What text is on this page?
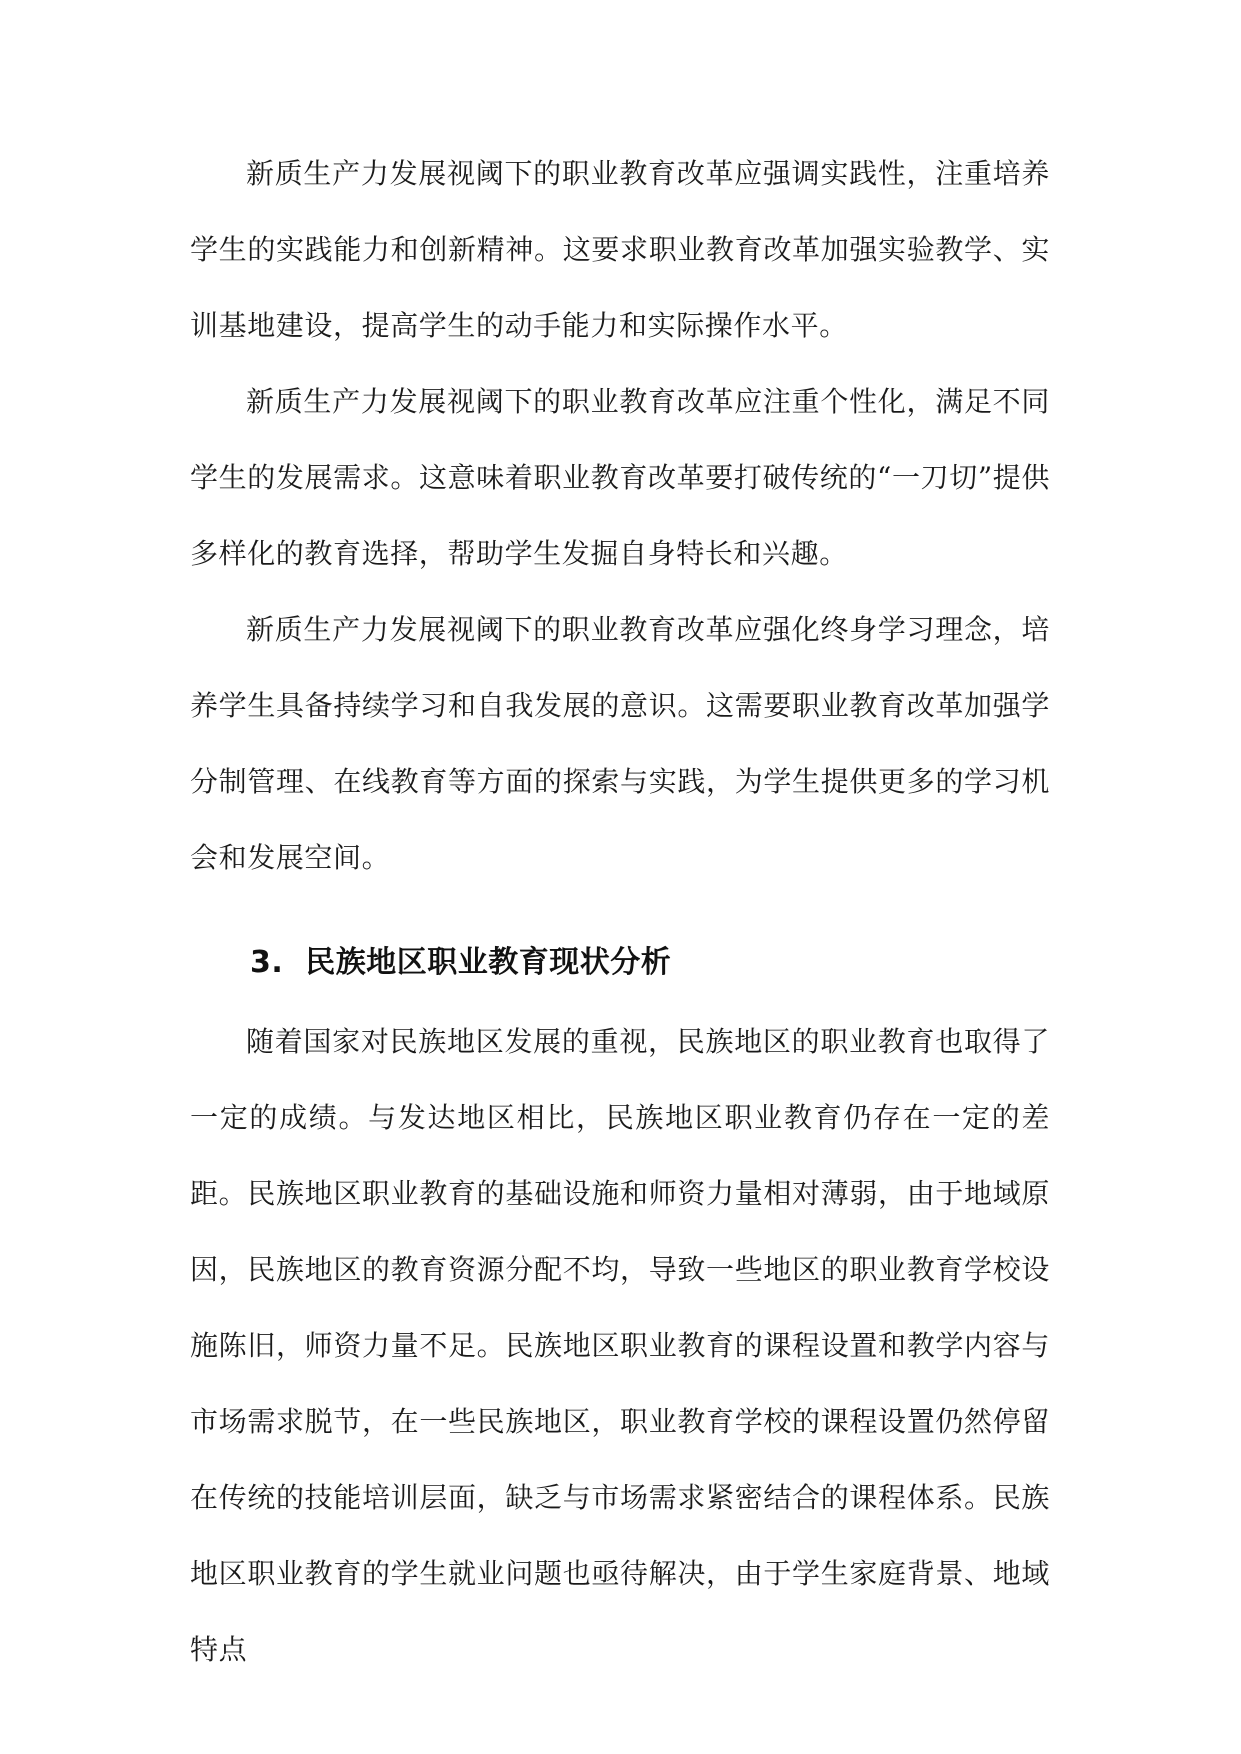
新质生产力发展视阈下的职业教育改革应强调实践性，注重培养学生的实践能力和创新精神。这要求职业教育改革加强实验教学、实训基地建设，提高学生的动手能力和实际操作水平。

新质生产力发展视阈下的职业教育改革应注重个性化，满足不同学生的发展需求。这意味着职业教育改革要打破传统的“一刀切”提供多样化的教育选择，帮助学生发掘自身特长和兴趣。

新质生产力发展视阈下的职业教育改革应强化终身学习理念，培养学生具备持续学习和自我发展的意识。这需要职业教育改革加强学分制管理、在线教育等方面的探索与实践，为学生提供更多的学习机会和发展空间。

3. 民族地区职业教育现状分析

随着国家对民族地区发展的重视，民族地区的职业教育也取得了一定的成绩。与发达地区相比，民族地区职业教育仍存在一定的差距。民族地区职业教育的基础设施和师资力量相对薄弱，由于地域原因，民族地区的教育资源分配不均，导致一些地区的职业教育学校设施陈旧，师资力量不足。民族地区职业教育的课程设置和教学内容与市场需求脱节，在一些民族地区，职业教育学校的课程设置仍然停留在传统的技能培训层面，缺乏与市场需求紧密结合的课程体系。民族地区职业教育的学生就业问题也亟待解决，由于学生家庭背景、地域特点
